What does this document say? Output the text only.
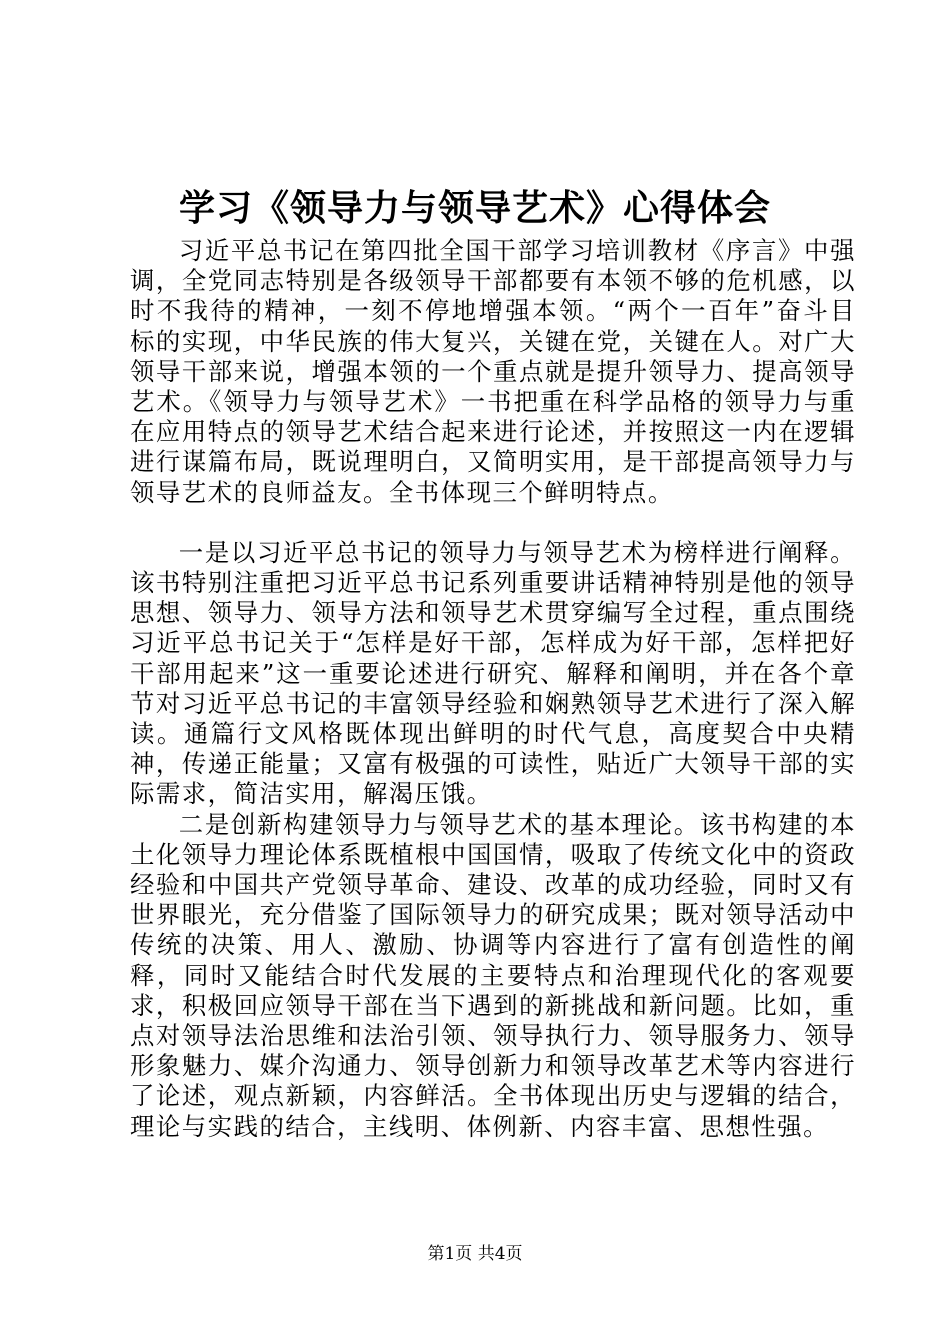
学习《领导力与领导艺术》心得体会

习近平总书记在第四批全国干部学习培训教材《序言》中强调，全党同志特别是各级领导干部都要有本领不够的危机感，以时不我待的精神，一刻不停地增强本领。“两个一百年”奋斗目标的实现，中华民族的伟大复兴，关键在党，关键在人。对广大领导干部来说，增强本领的一个重点就是提升领导力、提高领导艺术。《领导力与领导艺术》一书把重在科学品格的领导力与重在应用特点的领导艺术结合起来进行论述，并按照这一内在逻辑进行谋篇布局，既说理明白，又简明实用，是干部提高领导力与领导艺术的良师益友。全书体现三个鲜明特点。

一是以习近平总书记的领导力与领导艺术为榜样进行阐释。该书特别注重把习近平总书记系列重要讲话精神特别是他的领导思想、领导力、领导方法和领导艺术贯穿编写全过程，重点围绕习近平总书记关于“怎样是好干部，怎样成为好干部，怎样把好干部用起来”这一重要论述进行研究、解释和阐明，并在各个章节对习近平总书记的丰富领导经验和娴熟领导艺术进行了深入解读。通篇行文风格既体现出鲜明的时代气息，高度契合中央精神，传递正能量；又富有极强的可读性，贴近广大领导干部的实际需求，简洁实用，解渴压饿。

二是创新构建领导力与领导艺术的基本理论。该书构建的本土化领导力理论体系既植根中国国情，吸取了传统文化中的资政经验和中国共产党领导革命、建设、改革的成功经验，同时又有世界眼光，充分借鉴了国际领导力的研究成果；既对领导活动中传统的决策、用人、激励、协调等内容进行了富有创造性的阐释，同时又能结合时代发展的主要特点和治理现代化的客观要求，积极回应领导干部在当下遇到的新挑战和新问题。比如，重点对领导法治思维和法治引领、领导执行力、领导服务力、领导形象魅力、媒介沟通力、领导创新力和领导改革艺术等内容进行了论述，观点新颖，内容鲜活。全书体现出历史与逻辑的结合，理论与实践的结合，主线明、体例新、内容丰富、思想性强。

第1页 共4页
